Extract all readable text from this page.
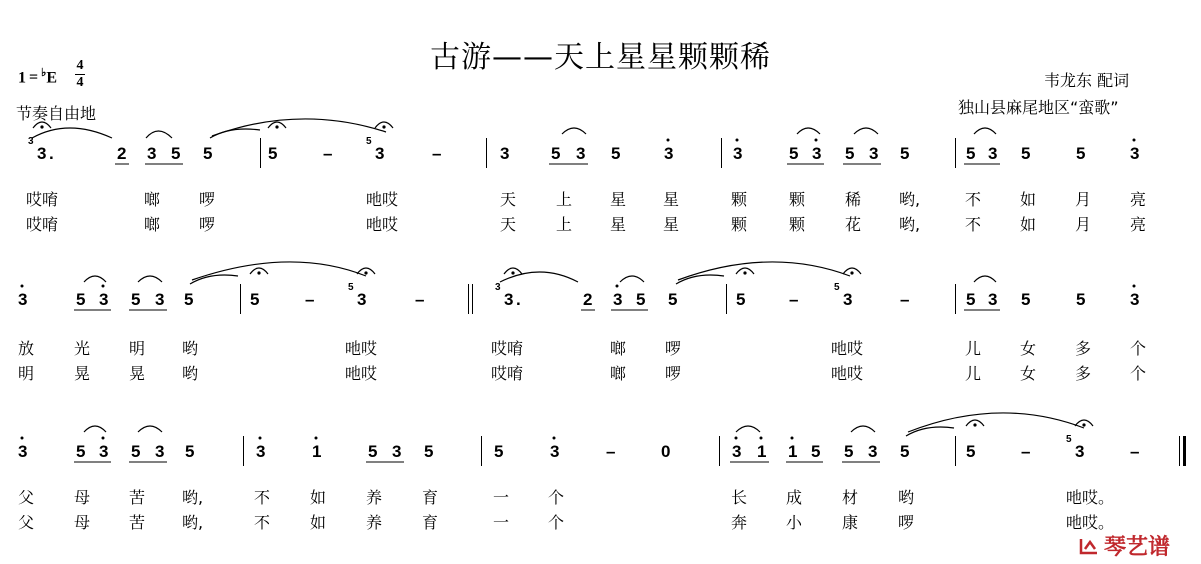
古游——天上星星颗颗稀
1 = ♭E
4
4
节奏自由地
韦龙东 配词
独山县麻尾地区“蛮歌”
3
3 .	2 3 5 5	5	–
5
3	–	3 5 3 5	3	3	5 3 5 3 5	5 3 5	5	3
3	5 3 5 3 5	5	–
5
3	–
3
3 .	2 3 5 5	5	–
5
3	–	5 3 5	5	3
3	5 3 5 3 5	3	1	5 3 5	5	3	–	0	3 1 1 5 5 3 5	5	–
5
3	–
哎唷	啷 啰	吔哎	天 上 星 星	颗	颗 稀 哟,	不 如 月 亮
哎唷	啷 啰	吔哎	天 上 星 星	颗	颗 花 哟,	不 如 月 亮
放 光 明 哟	吔哎	哎唷	啷 啰	吔哎	儿 女 多 个
明 晃 晃 哟	吔哎	哎唷	啷 啰	吔哎	儿 女 多 个
父 母 苦 哟,	不 如 养 育	一 个	长 成 材 哟	吔哎。
父 母 苦 哟,	不 如 养 育	一 个	奔 小 康 啰	吔哎。
琴艺谱
